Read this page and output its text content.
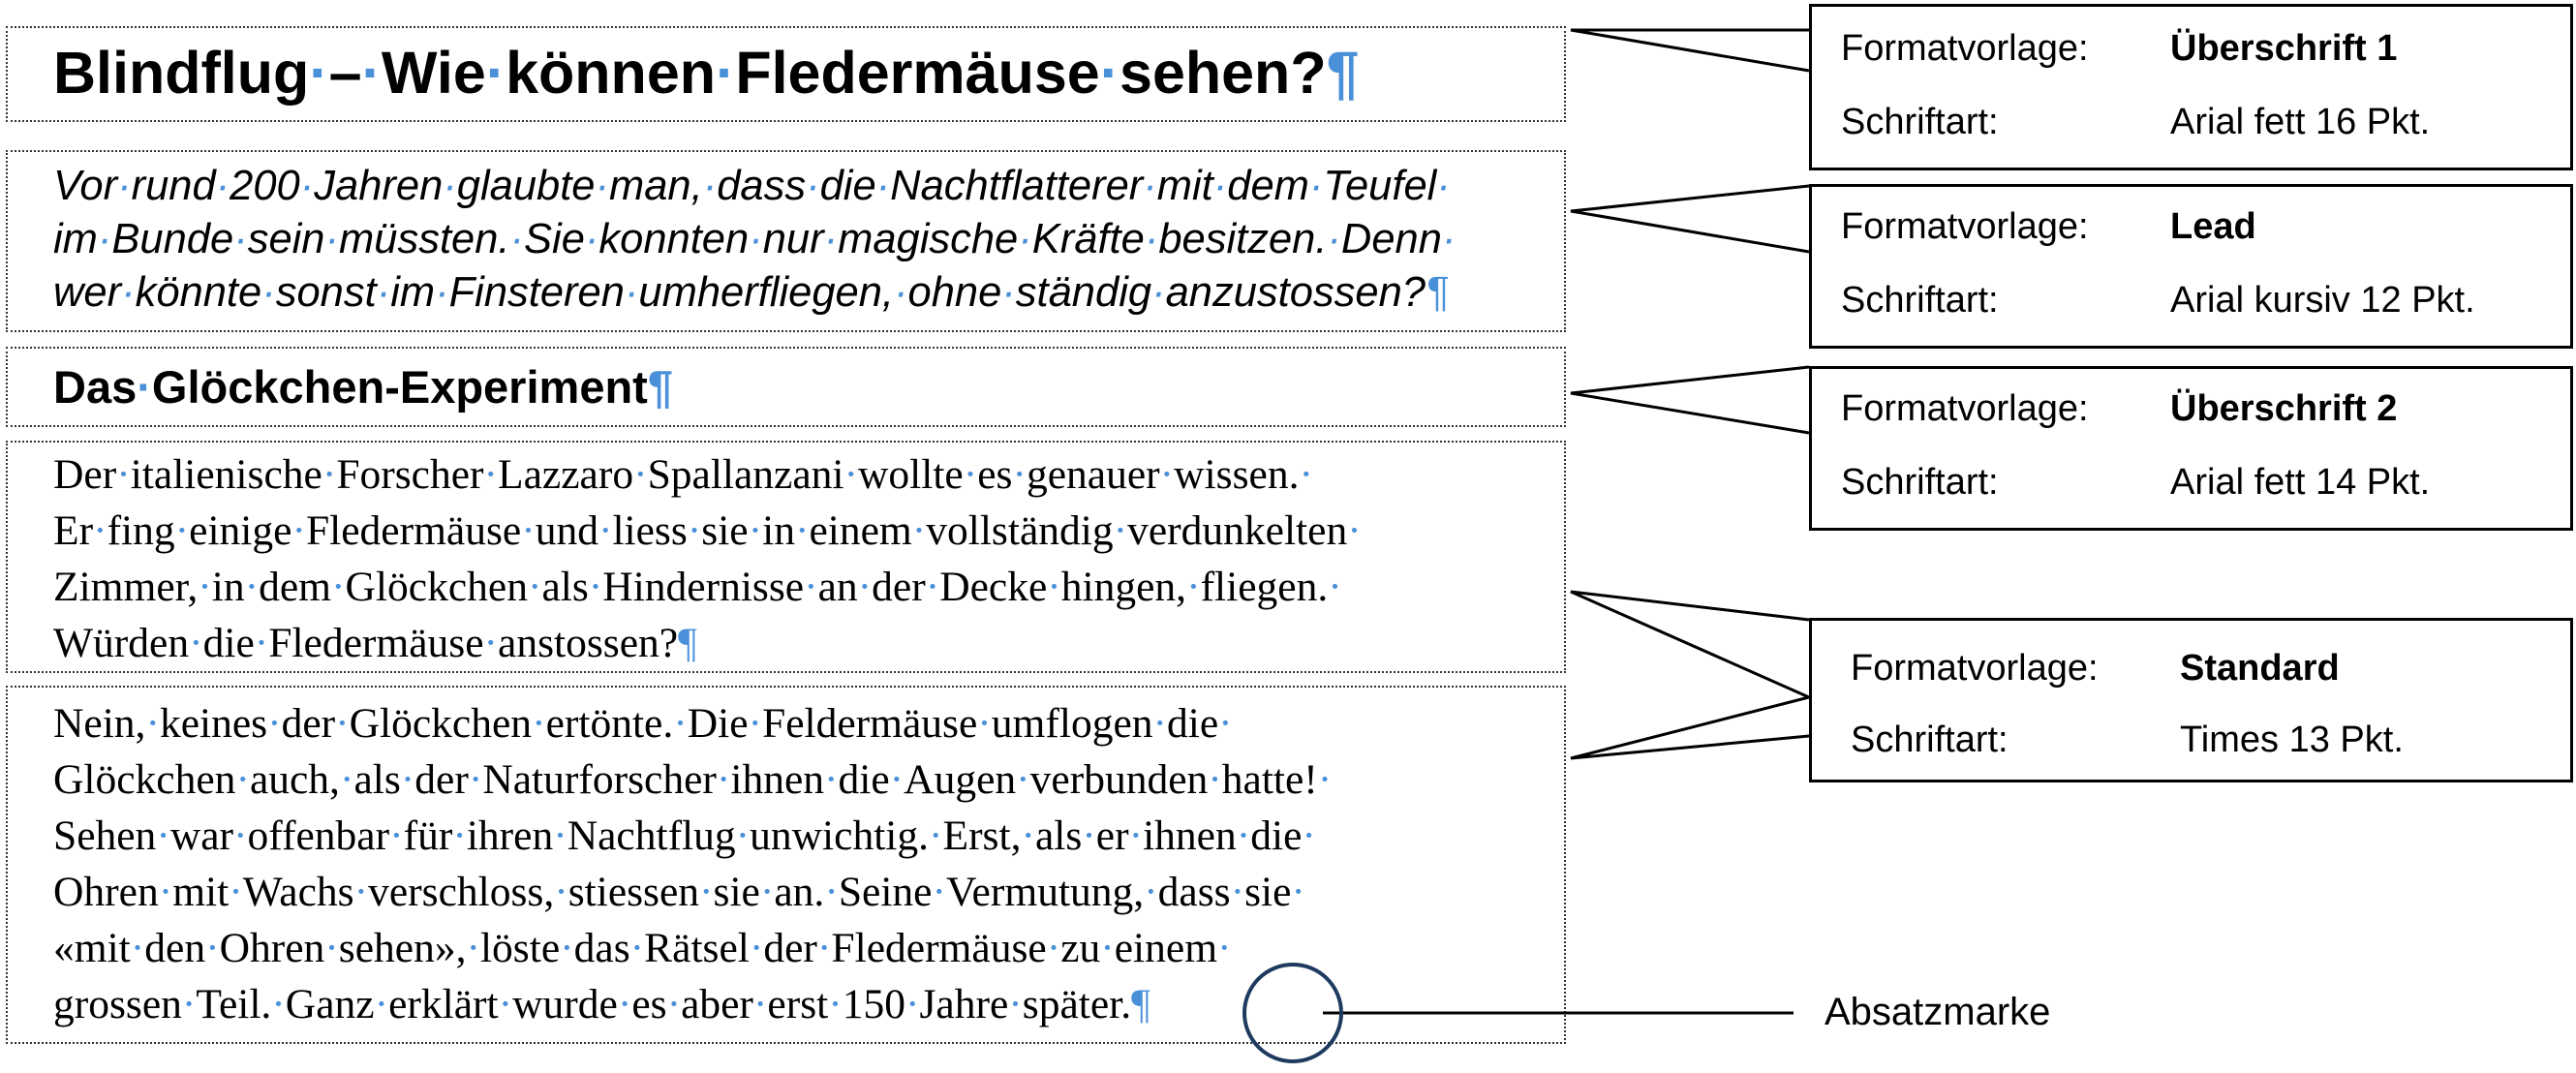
Blindflug·–·Wie·können·Fledermäuse·sehen?¶

Vor·rund·200·Jahren·glaubte·man,·dass·die·Nachtflatterer·mit·dem·Teufel·

im·Bunde·sein·müssten.·Sie·konnten·nur·magische·Kräfte·besitzen.·Denn·

wer·könnte·sonst·im·Finsteren·umherfliegen,·ohne·ständig·anzustossen?¶

Das·Glöckchen-Experiment¶

Der·italienische·Forscher·Lazzaro·Spallanzani·wollte·es·genauer·wissen.·

Er·fing·einige·Fledermäuse·und·liess·sie·in·einem·vollständig·verdunkelten·

Zimmer,·in·dem·Glöckchen·als·Hindernisse·an·der·Decke·hingen,·fliegen.·

Würden·die·Fledermäuse·anstossen?¶

Nein,·keines·der·Glöckchen·ertönte.·Die·Feldermäuse·umflogen·die·

Glöckchen·auch,·als·der·Naturforscher·ihnen·die·Augen·verbunden·hatte!·

Sehen·war·offenbar·für·ihren·Nachtflug·unwichtig.·Erst,·als·er·ihnen·die·

Ohren·mit·Wachs·verschloss,·stiessen·sie·an.·Seine·Vermutung,·dass·sie·

«mit·den·Ohren·sehen»,·löste·das·Rätsel·der·Fledermäuse·zu·einem·

grossen·Teil.·Ganz·erklärt·wurde·es·aber·erst·150·Jahre·später.¶

Formatvorlage: Überschrift 1
Schriftart:	Arial fett 16 Pkt.
Formatvorlage: Lead
Schriftart:	Arial kursiv 12 Pkt.
Formatvorlage: Überschrift 2
Schriftart:	Arial fett 14 Pkt.
Formatvorlage: Standard
Schriftart:	Times 13 Pkt.
Absatzmarke
